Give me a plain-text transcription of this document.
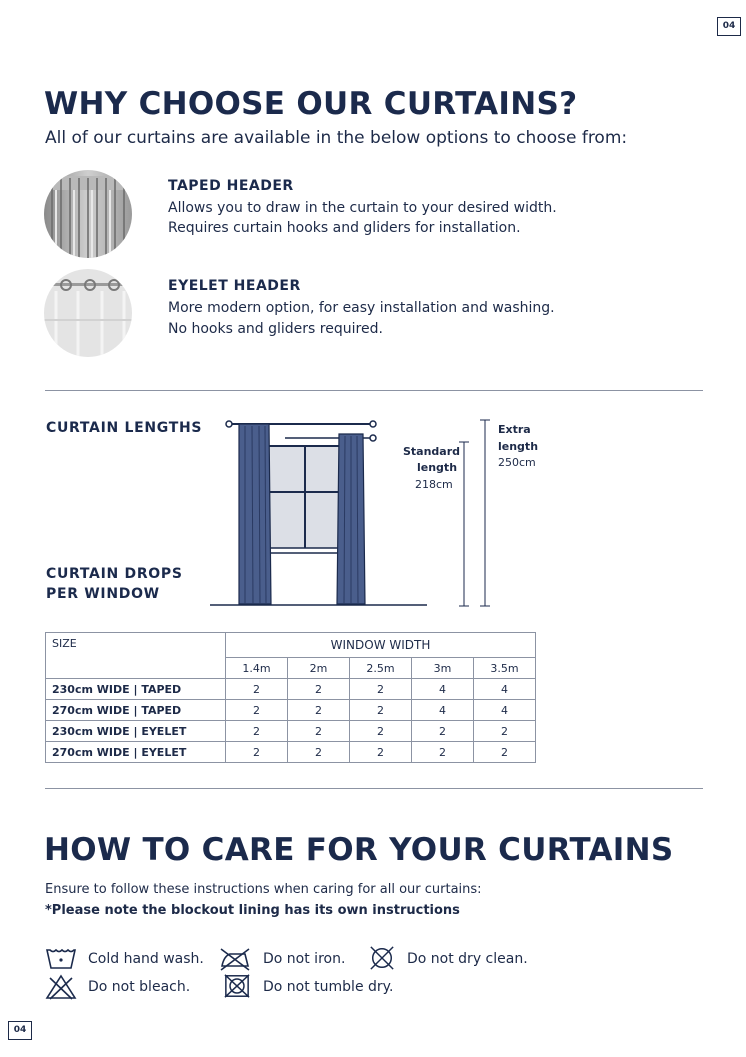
04
04
WHY CHOOSE OUR CURTAINS?
All of our curtains are available in the below options to choose from:
TAPED HEADER
Allows you to draw in the curtain to your desired width.
Requires curtain hooks and gliders for installation.
EYELET HEADER
More modern option, for easy installation and washing.
No hooks and gliders required.
CURTAIN LENGTHS
CURTAIN DROPS
PER WINDOW
Standard
length
218cm
Extra
length
250cm
SIZE	WINDOW WIDTH				
	1.4m	2m	2.5m	3m	3.5m
230cm WIDE | TAPED	2	2	2	4	4
270cm WIDE | TAPED	2	2	2	4	4
230cm WIDE | EYELET	2	2	2	2	2
270cm WIDE | EYELET	2	2	2	2	2
HOW TO CARE FOR YOUR CURTAINS
Ensure to follow these instructions when caring for all our curtains:
*Please note the blockout lining has its own instructions
Cold hand wash.	Do not iron.	Do not dry clean.
Do not bleach.	Do not tumble dry.
